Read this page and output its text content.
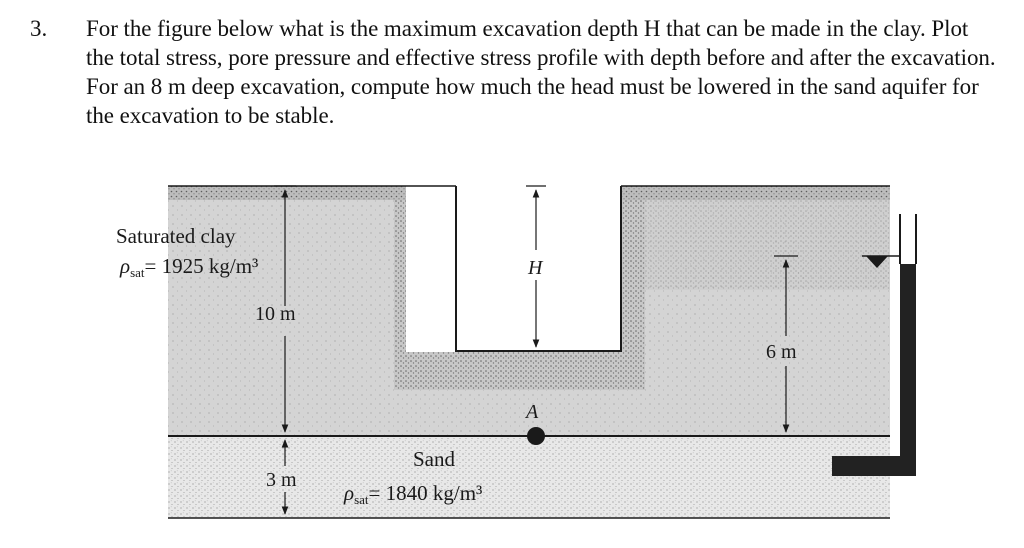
3. For the figure below what is the maximum excavation depth H that can be made in the clay. Plot the total stress, pore pressure and effective stress profile with depth before and after the excavation. For an 8 m deep excavation, compute how much the head must be lowered in the sand aquifer for the excavation to be stable.
10 m
3 m
H
6 m
A
Saturated clay
ρsat= 1925 kg/m³
Sand
ρsat= 1840 kg/m³
